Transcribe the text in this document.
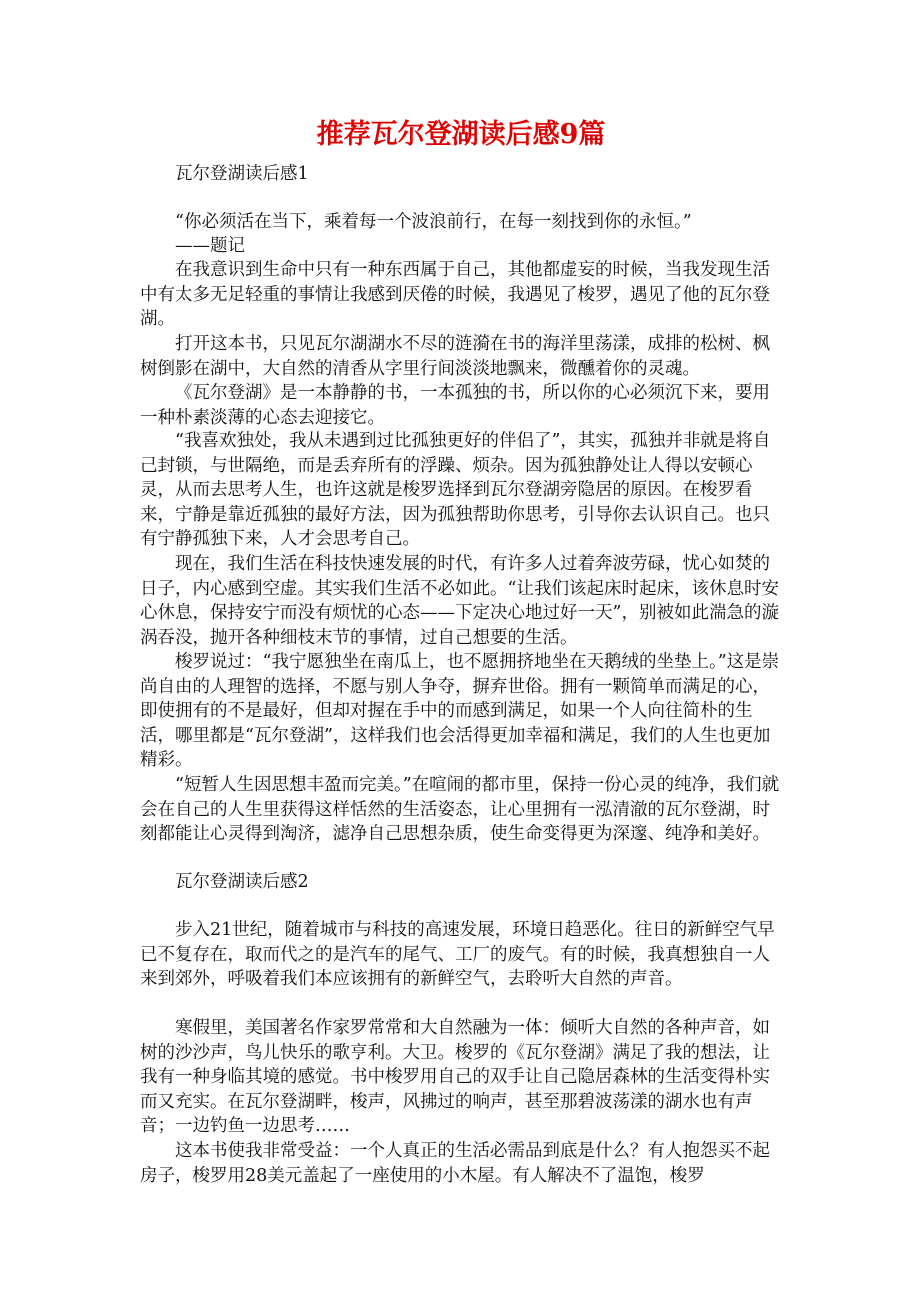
推荐瓦尔登湖读后感9篇

瓦尔登湖读后感1

“你必须活在当下，乘着每一个波浪前行，在每一刻找到你的永恒。”

——题记

在我意识到生命中只有一种东西属于自己，其他都虚妄的时候，当我发现生活中有太多无足轻重的事情让我感到厌倦的时候，我遇见了梭罗，遇见了他的瓦尔登湖。

打开这本书，只见瓦尔湖湖水不尽的涟漪在书的海洋里荡漾，成排的松树、枫树倒影在湖中，大自然的清香从字里行间淡淡地飘来，微醺着你的灵魂。

《瓦尔登湖》是一本静静的书，一本孤独的书，所以你的心必须沉下来，要用一种朴素淡薄的心态去迎接它。

“我喜欢独处，我从未遇到过比孤独更好的伴侣了”，其实，孤独并非就是将自己封锁，与世隔绝，而是丢弃所有的浮躁、烦杂。因为孤独静处让人得以安顿心灵，从而去思考人生，也许这就是梭罗选择到瓦尔登湖旁隐居的原因。在梭罗看来，宁静是靠近孤独的最好方法，因为孤独帮助你思考，引导你去认识自己。也只有宁静孤独下来，人才会思考自己。

现在，我们生活在科技快速发展的时代，有许多人过着奔波劳碌，忧心如焚的日子，内心感到空虚。其实我们生活不必如此。“让我们该起床时起床，该休息时安心休息，保持安宁而没有烦忧的心态——下定决心地过好一天”，别被如此湍急的漩涡吞没，抛开各种细枝末节的事情，过自己想要的生活。

梭罗说过：“我宁愿独坐在南瓜上，也不愿拥挤地坐在天鹅绒的坐垫上。”这是崇尚自由的人理智的选择，不愿与别人争夺，摒弃世俗。拥有一颗简单而满足的心，即使拥有的不是最好，但却对握在手中的而感到满足，如果一个人向往简朴的生活，哪里都是“瓦尔登湖”，这样我们也会活得更加幸福和满足，我们的人生也更加精彩。

“短暂人生因思想丰盈而完美。”在喧闹的都市里，保持一份心灵的纯净，我们就会在自己的人生里获得这样恬然的生活姿态，让心里拥有一泓清澈的瓦尔登湖，时刻都能让心灵得到淘济，滤净自己思想杂质，使生命变得更为深邃、纯净和美好。

瓦尔登湖读后感2

步入21世纪，随着城市与科技的高速发展，环境日趋恶化。往日的新鲜空气早已不复存在，取而代之的是汽车的尾气、工厂的废气。有的时候，我真想独自一人来到郊外，呼吸着我们本应该拥有的新鲜空气，去聆听大自然的声音。

寒假里，美国著名作家罗常常和大自然融为一体：倾听大自然的各种声音，如树的沙沙声，鸟儿快乐的歌亨利。大卫。梭罗的《瓦尔登湖》满足了我的想法，让我有一种身临其境的感觉。书中梭罗用自己的双手让自己隐居森林的生活变得朴实而又充实。在瓦尔登湖畔，梭声，风拂过的响声，甚至那碧波荡漾的湖水也有声音；一边钓鱼一边思考……

这本书使我非常受益：一个人真正的生活必需品到底是什么？有人抱怨买不起房子，梭罗用28美元盖起了一座使用的小木屋。有人解决不了温饱，梭罗
